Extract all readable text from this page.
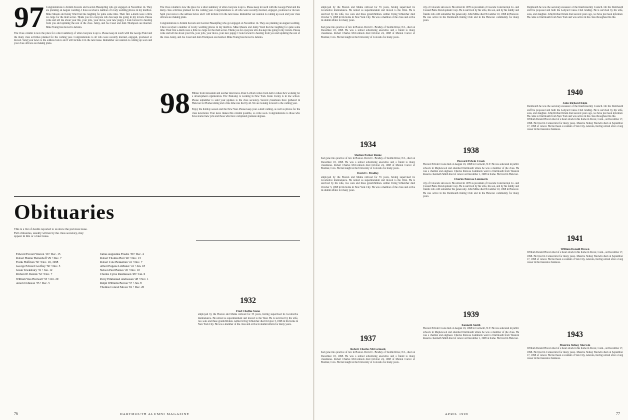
97 Congratulations to Kristin Kowals and Gordon Hasenpflug who got engaged on November 14. They are planning an August wedding. I have received a number of lovely wedding photos in my mailbox. Mike Mesele and Jenny Ward had me laughing for quite some time. Their first e-mails were a little too large for the mail server. Thank you for everyone who has kept me going in my travels. Please write and tell me about your life, your jobs, your move, your new puppy. I look forward to hearing from you and updating the rest of the class. Jenny, and Joe Casel and Jenn Thompson are married. Mike Young has moved to Atlanta.

The Class column is now the place for a short summary of what everyone is up to. Please keep in touch with the George Fund and the many class activities planned for the coming year. Congratulations to all who were recently married, engaged, promoted or moved. Send your news to the address below and I will include it in the next issue. Remember our reunion is coming up soon and your class officers are making plans.
The Class column is now the place for a short summary of what everyone is up to. Please keep in touch with the George Fund and the many class activities planned for the coming year. Congratulations to all who were recently married, engaged, promoted or moved. Send your news to the address below and I will include it in the next issue. Remember our reunion is coming up soon and your class officers are making plans.

Congratulations to Kristin Kowals and Gordon Hasenpflug who got engaged on November 14. They are planning an August wedding. I have received a number of lovely wedding photos in my mailbox. Mike Mesele and Jenny Ward had me laughing for quite some time. Their first e-mails were a little too large for the mail server. Thank you for everyone who has kept me going in my travels. Please write and tell me about your life, your jobs, your move, your new puppy. I look forward to hearing from you and updating the rest of the class. Jenny, and Joe Casel and Jenn Thompson are married. Mike Young has moved to Atlanta.
98 Blitzer from Jerusalem and teacher interviews. Peter Lofbom writes from Africa where he's working for a development organization. Eric Pianosky is working in New York. Katie Curley is in law school. Please remember to send your updates to the class secretary. Several classmates have gathered in Hanover for Homecoming and a fine time was had by all. We are looking forward to the coming year.

Enjoy the holiday season and the New Year. Please keep your e-mail coming, as well as photos for the class newsletter. Your news makes this column possible, so write soon. Congratulations to those who have started new jobs and those who have completed graduate degrees.
Obituaries
This is a list of deaths reported to us since the previous issue. Full obituaries, usually written by the class secretary, may appear in this or a later issue.
Edward Everett Warren '19 • Dec. 15
Robert Hunter Bettenhoff '29 • Dec. 7
Frank Hoffman '30 • Dec. 16, 1998
George Edward Godfrey '30 • Dec. 3
Jessie Tewksbury '31 • Jan. 12
Richard P. Dennis '32 • Dec. 7
William Wes Hartwell '33 • Oct. 29
Arnold Johnson '35 • Dec. 5
James Augustine Fruehs '39 • Dec. 4
Robert Thomas Burt '40 • Dec. 13
Robert Cole Brakeman '41 • Dec. 7
Albert Eugene LaMaster '41 • Jan. 18
Nelson Paul Barnes '45 • Dec. 10
Charles Cyrus Rasmussen '48 • Jan. 6
Perry Emmanuel Andreasen '48 • Nov. 1
Ralph Williams Barron '57 • Jan. 8
Thomas Conrad Moore '61 • Dec. 20
1932
Fred Chaffee Stone
employed by the Boston and Maine railroad for 35 years, having supervised its locomotive maintenance. He retired as superintendent and moved to the West. He is survived by his wife, two sons and three grandchildren. Arthur Irving Schleicher died October 3, 1998 in his home in New York City. He was a member of the class and active in alumni affairs for many years.
76	DARTMOUTH ALUMNI MAGAZINE
employed by the Boston and Maine railroad for 35 years, having supervised its locomotive maintenance. He retired as superintendent and moved to the West. He is survived by his wife, two sons and three grandchildren. Arthur Irving Schleicher died October 3, 1998 in his home in New York City. He was a member of the class and active in alumni affairs for many years.

had gone into practice of law in Boston. David C. Bradley of Saddle River, N.J., died on December 18, 1998. He was a retired advertising executive and a friend to many classmates. Robert Charles McCormack died October 24, 1998 of Marion Carver of Boulder, Colo. He had taught at the University of Colorado for many years.
1934
Shelton Parker Ruske
had gone into practice of law in Boston. David C. Bradley of Saddle River, N.J., died on December 18, 1998. He was a retired advertising executive and a friend to many classmates. Robert Charles McCormack died October 24, 1998 of Marion Carver of Boulder, Colo. He had taught at the University of Colorado for many years.
David C. Bradley
employed by the Boston and Maine railroad for 35 years, having supervised its locomotive maintenance. He retired as superintendent and moved to the West. He is survived by his wife, two sons and three grandchildren. Arthur Irving Schleicher died October 3, 1998 in his home in New York City. He was a member of the class and active in alumni affairs for many years.
1937
Robert Charles McCormack
had gone into practice of law in Boston. David C. Bradley of Saddle River, N.J., died on December 18, 1998. He was a retired advertising executive and a friend to many classmates. Robert Charles McCormack died October 24, 1998 of Marion Carver of Boulder, Colo. He had taught at the University of Colorado for many years.
city of Colorado ski resort. He retired in 1976 as president of Cascade Construction Co. and Crested Butte Development Corp. He is survived by his wife, his son, and by his family and friends who will remember his generosity. John Milne died November 10, 1998 in Hanover. He was active in the Dartmouth Outing Club and in the Hanover community for many years.
1938
Howard Edwin Crook
Howard Edwin Crook died on August 19, 1998 in Cornwall, N.Y. He was educated in public schools in Maplewood and attended Dartmouth where he was a member of the class. He was a chemist and engineer. Charles Penrose Lummeris went to Dartmouth from Western Reserve. Kenneth Smith died of cancer on December 1, 1998 at home. He lived in Hanover.
Charles Penrose Lummeris
city of Colorado ski resort. He retired in 1976 as president of Cascade Construction Co. and Crested Butte Development Corp. He is survived by his wife, his son, and by his family and friends who will remember his generosity. John Milne died November 10, 1998 in Hanover. He was active in the Dartmouth Outing Club and in the Hanover community for many years.
1939
Kenneth Smith
Howard Edwin Crook died on August 19, 1998 in Cornwall, N.Y. He was educated in public schools in Maplewood and attended Dartmouth where he was a member of the class. He was a chemist and engineer. Charles Penrose Lummeris went to Dartmouth from Western Reserve. Kenneth Smith died of cancer on December 1, 1998 at home. He lived in Hanover.
Dartmouth he was the secretary-treasurer of the Interfraternity Council. On the Dartmouth staff he proposed and built the Ledyard Canoe Club landing. He is survived by his wife, sons, and daughter. John Richard Klein died several years ago, we have just been informed. He came to Dartmouth from New York and was active in the class throughout his life.
1940
John Richard Klein
Dartmouth he was the secretary-treasurer of the Interfraternity Council. On the Dartmouth staff he proposed and built the Ledyard Canoe Club landing. He is survived by his wife, sons, and daughter. John Richard Klein died several years ago, we have just been informed. He came to Dartmouth from New York and was active in the class throughout his life.
William Donald Brown died of a heart attack in his home in Dover, Conn., on December 17, 1998. He lived in Connecticut for many years. Maurice Sidney Sherwin died on September 17, 1998 of cancer. He had been a resident of Sun City, Arizona, having retired after a long career in the insurance business.
1941
William Donald Brown
William Donald Brown died of a heart attack in his home in Dover, Conn., on December 17, 1998. He lived in Connecticut for many years. Maurice Sidney Sherwin died on September 17, 1998 of cancer. He had been a resident of Sun City, Arizona, having retired after a long career in the insurance business.
1943
Maurice Sidney Sherwin
William Donald Brown died of a heart attack in his home in Dover, Conn., on December 17, 1998. He lived in Connecticut for many years. Maurice Sidney Sherwin died on September 17, 1998 of cancer. He had been a resident of Sun City, Arizona, having retired after a long career in the insurance business.
APRIL 1999	77
